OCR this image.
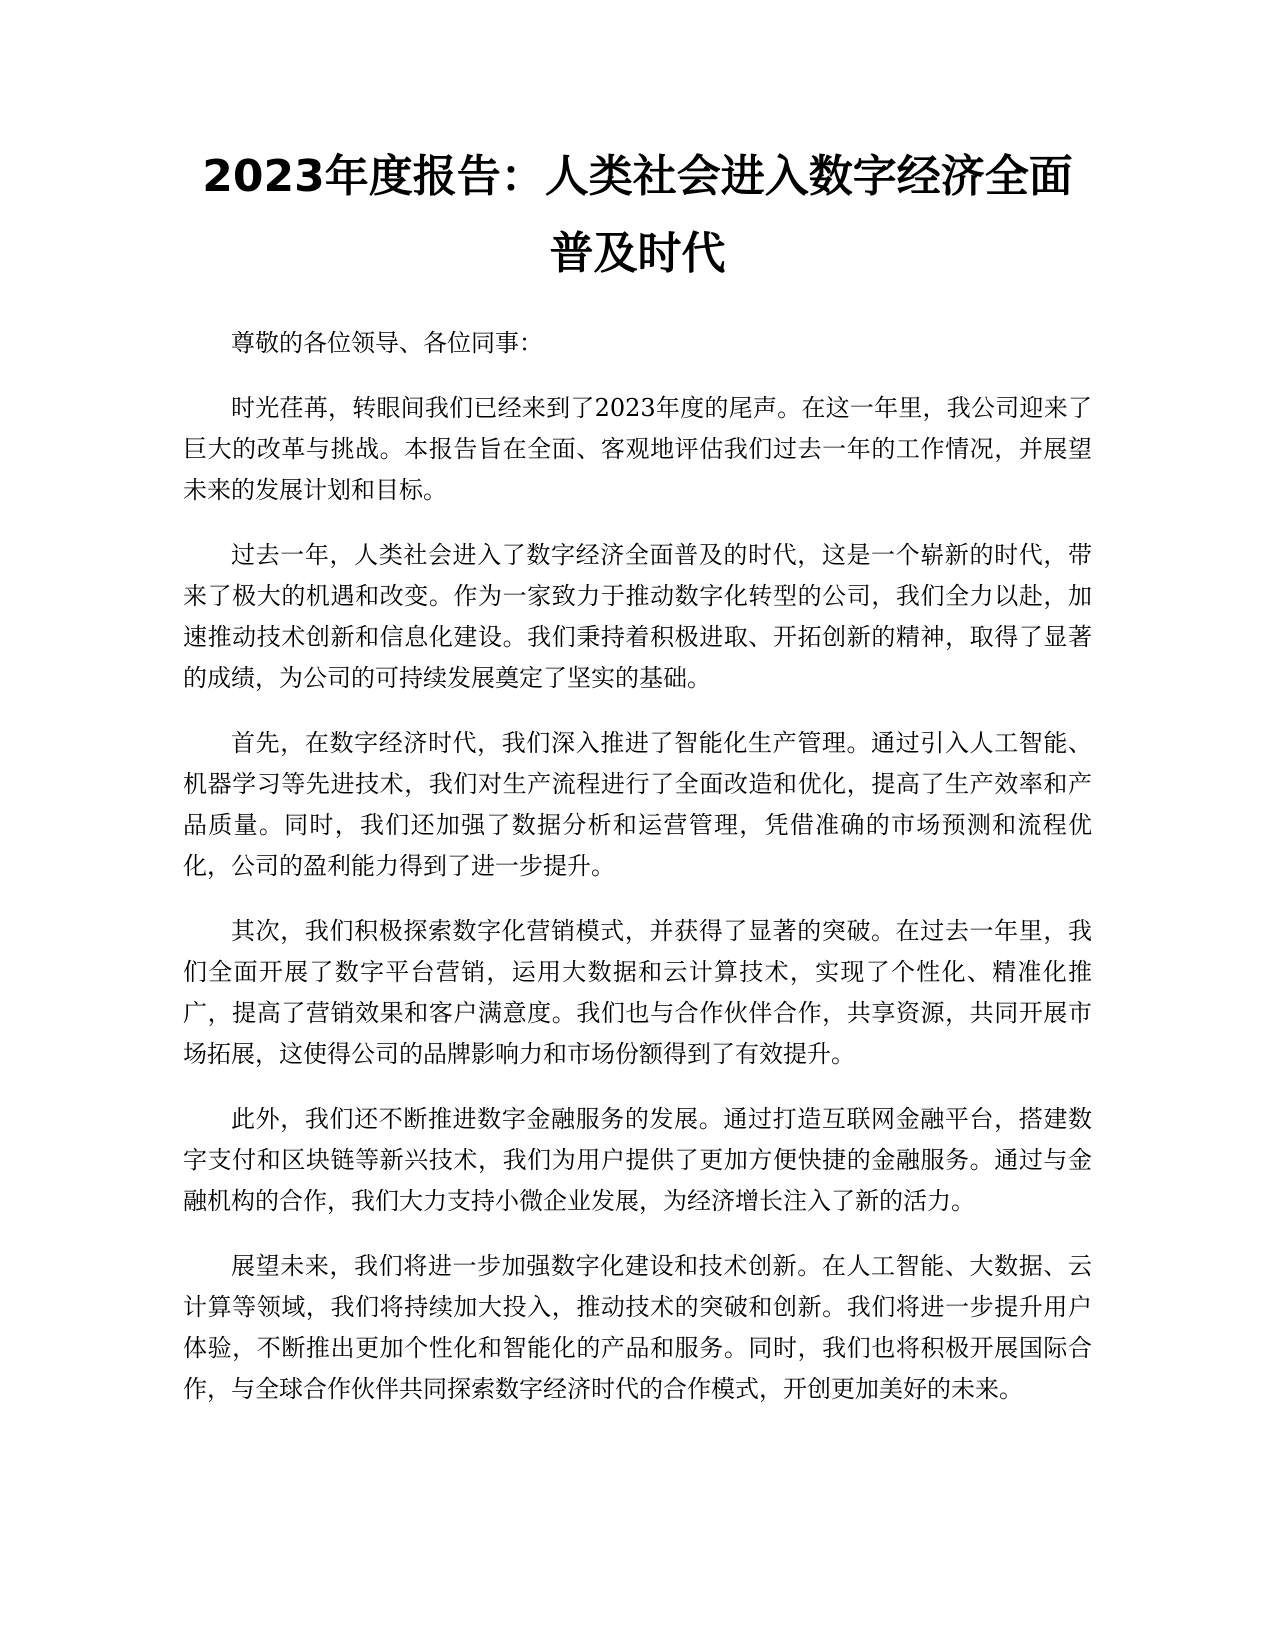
2023年度报告：人类社会进入数字经济全面普及时代

尊敬的各位领导、各位同事：

时光荏苒，转眼间我们已经来到了2023年度的尾声。在这一年里，我公司迎来了巨大的改革与挑战。本报告旨在全面、客观地评估我们过去一年的工作情况，并展望未来的发展计划和目标。

过去一年，人类社会进入了数字经济全面普及的时代，这是一个崭新的时代，带来了极大的机遇和改变。作为一家致力于推动数字化转型的公司，我们全力以赴，加速推动技术创新和信息化建设。我们秉持着积极进取、开拓创新的精神，取得了显著的成绩，为公司的可持续发展奠定了坚实的基础。

首先，在数字经济时代，我们深入推进了智能化生产管理。通过引入人工智能、机器学习等先进技术，我们对生产流程进行了全面改造和优化，提高了生产效率和产品质量。同时，我们还加强了数据分析和运营管理，凭借准确的市场预测和流程优化，公司的盈利能力得到了进一步提升。

其次，我们积极探索数字化营销模式，并获得了显著的突破。在过去一年里，我们全面开展了数字平台营销，运用大数据和云计算技术，实现了个性化、精准化推广，提高了营销效果和客户满意度。我们也与合作伙伴合作，共享资源，共同开展市场拓展，这使得公司的品牌影响力和市场份额得到了有效提升。

此外，我们还不断推进数字金融服务的发展。通过打造互联网金融平台，搭建数字支付和区块链等新兴技术，我们为用户提供了更加方便快捷的金融服务。通过与金融机构的合作，我们大力支持小微企业发展，为经济增长注入了新的活力。

展望未来，我们将进一步加强数字化建设和技术创新。在人工智能、大数据、云计算等领域，我们将持续加大投入，推动技术的突破和创新。我们将进一步提升用户体验，不断推出更加个性化和智能化的产品和服务。同时，我们也将积极开展国际合作，与全球合作伙伴共同探索数字经济时代的合作模式，开创更加美好的未来。
